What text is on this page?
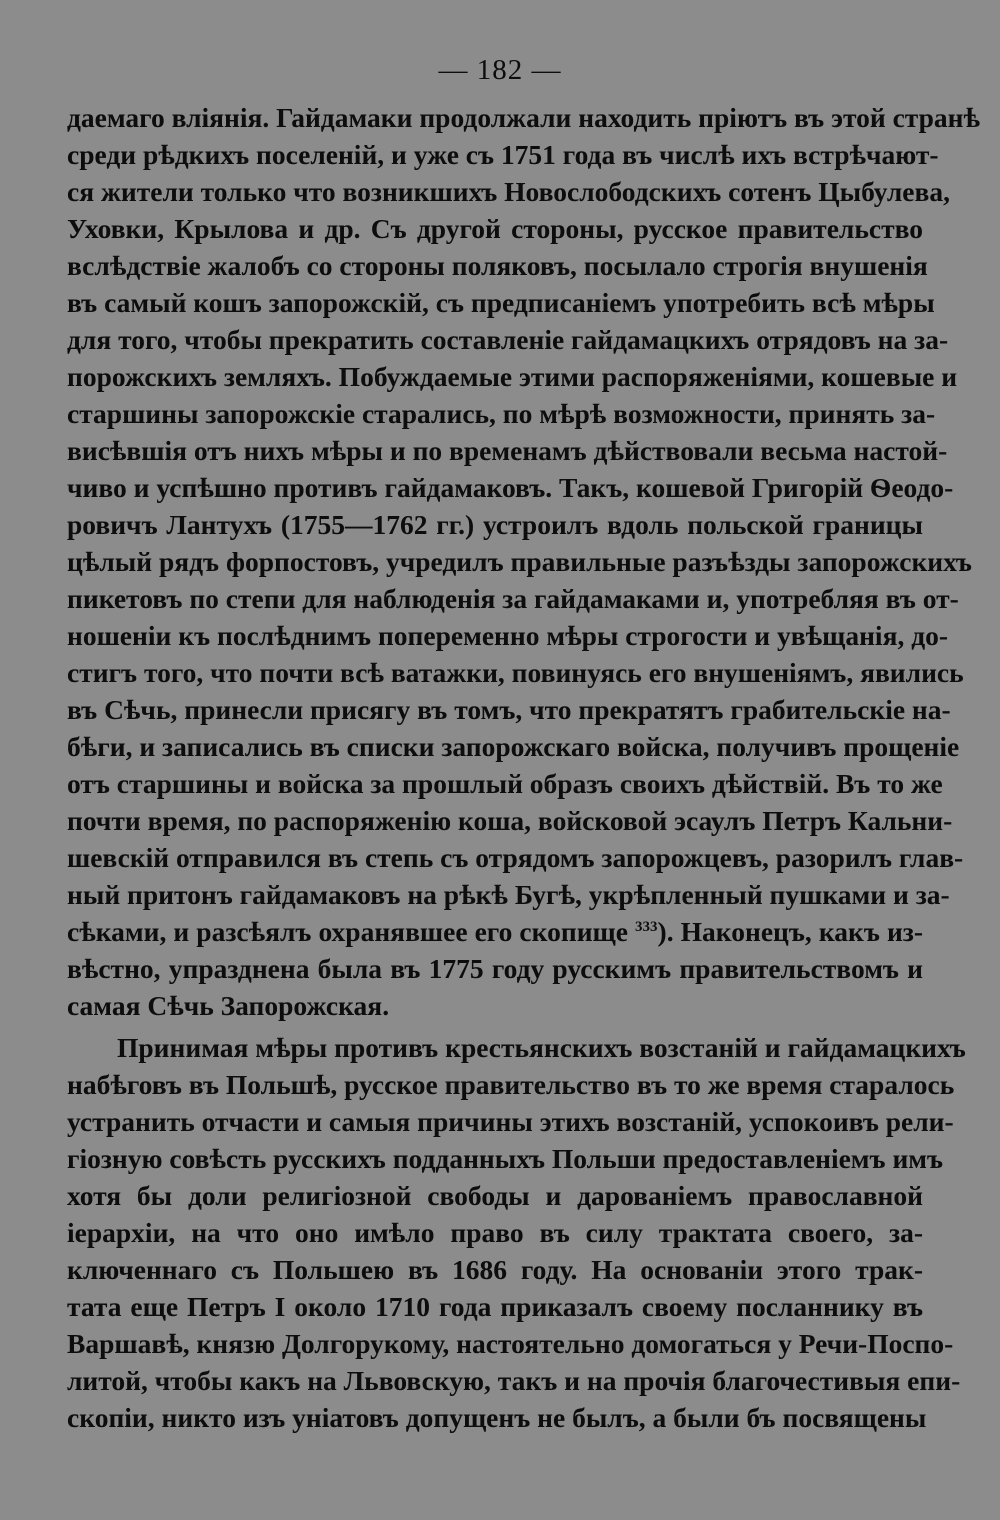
— 182 —
даемаго вліянія. Гайдамаки продолжали находить пріютъ въ этой странѣ
среди рѣдкихъ поселеній, и уже съ 1751 года въ числѣ ихъ встрѣчают-
ся жители только что возникшихъ Новослободскихъ сотенъ Цыбулева,
Уховки, Крылова и др. Съ другой стороны, русское правительство
вслѣдствіе жалобъ со стороны поляковъ, посылало строгія внушенія
въ самый кошъ запорожскій, съ предписаніемъ употребить всѣ мѣры
для того, чтобы прекратить составленіе гайдамацкихъ отрядовъ на за-
порожскихъ земляхъ. Побуждаемые этими распоряженіями, кошевые и
старшины запорожскіе старались, по мѣрѣ возможности, принять за-
висѣвшія отъ нихъ мѣры и по временамъ дѣйствовали весьма настой-
чиво и успѣшно противъ гайдамаковъ. Такъ, кошевой Григорій Ѳеодо-
ровичъ Лантухъ (1755—1762 гг.) устроилъ вдоль польской границы
цѣлый рядъ форпостовъ, учредилъ правильные разъѣзды запорожскихъ
пикетовъ по степи для наблюденія за гайдамаками и, употребляя въ от-
ношеніи къ послѣднимъ попеременно мѣры строгости и увѣщанія, до-
стигъ того, что почти всѣ ватажки, повинуясь его внушеніямъ, явились
въ Сѣчь, принесли присягу въ томъ, что прекратятъ грабительскіе на-
бѣги, и записались въ списки запорожскаго войска, получивъ прощеніе
отъ старшины и войска за прошлый образъ своихъ дѣйствій. Въ то же
почти время, по распоряженію коша, войсковой эсаулъ Петръ Кальни-
шевскій отправился въ степь съ отрядомъ запорожцевъ, разорилъ глав-
ный притонъ гайдамаковъ на рѣкѣ Бугѣ, укрѣпленный пушками и за-
сѣками, и разсѣялъ охранявшее его скопище $^{333}$). Наконецъ, какъ из-
вѣстно, упразднена была въ 1775 году русскимъ правительствомъ и
самая Сѣчь Запорожская.
Принимая мѣры противъ крестьянскихъ возстаній и гайдамацкихъ
набѣговъ въ Польшѣ, русское правительство въ то же время старалось
устранить отчасти и самыя причины этихъ возстаній, успокоивъ рели-
гіозную совѣсть русскихъ подданныхъ Польши предоставленіемъ имъ
хотя бы доли религіозной свободы и дарованіемъ православной
іерархіи, на что оно имѣло право въ силу трактата своего, за-
ключеннаго съ Польшею въ 1686 году. На основаніи этого трак-
тата еще Петръ I около 1710 года приказалъ своему посланнику въ
Варшавѣ, князю Долгорукому, настоятельно домогаться у Речи-Поспо-
литой, чтобы какъ на Львовскую, такъ и на прочія благочестивыя епи-
скопіи, никто изъ уніатовъ допущенъ не былъ, а были бъ посвящены
